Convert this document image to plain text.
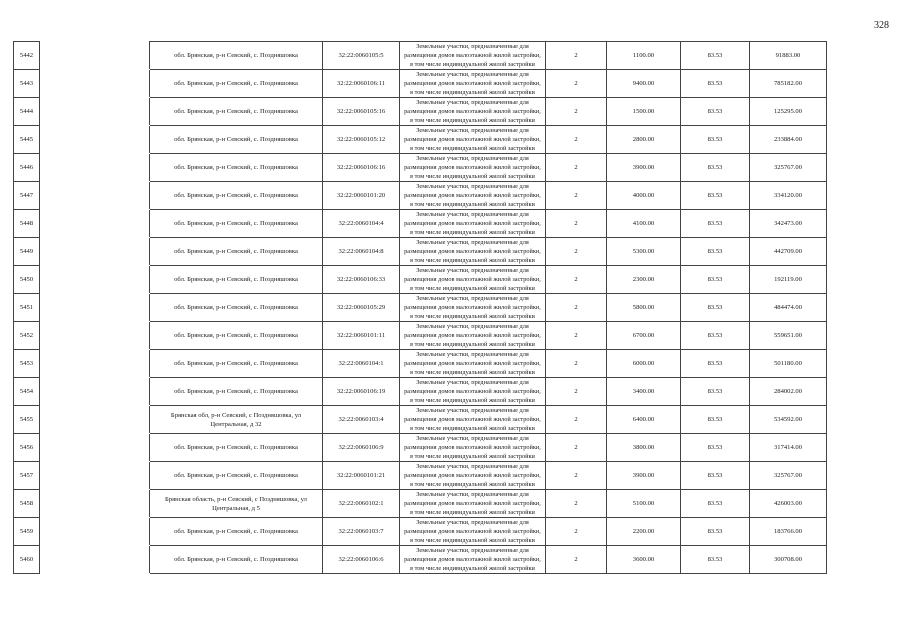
328
5442		обл. Брянская, р-н Севский, с. Поздняшовка	32:22:0060105:5	Земельные участки, предназначенные для размещения домов малоэтажной жилой застройки, в том числе индивидуальной жилой застройки	2	1100.00	83.53	91883.00	
5443		обл. Брянская, р-н Севский, с. Поздняшовка	32:22:0060106:11	Земельные участки, предназначенные для размещения домов малоэтажной жилой застройки, в том числе индивидуальной жилой застройки	2	9400.00	83.53	785182.00	
5444		обл. Брянская, р-н Севский, с. Поздняшовка	32:22:0060105:16	Земельные участки, предназначенные для размещения домов малоэтажной жилой застройки, в том числе индивидуальной жилой застройки	2	1500.00	83.53	125295.00	
5445		обл. Брянская, р-н Севский, с. Поздняшовка	32:22:0060105:12	Земельные участки, предназначенные для размещения домов малоэтажной жилой застройки, в том числе индивидуальной жилой застройки	2	2800.00	83.53	233884.00	
5446		обл. Брянская, р-н Севский, с. Поздняшовка	32:22:0060106:16	Земельные участки, предназначенные для размещения домов малоэтажной жилой застройки, в том числе индивидуальной жилой застройки	2	3900.00	83.53	325767.00	
5447		обл. Брянская, р-н Севский, с. Поздняшовка	32:22:0060101:20	Земельные участки, предназначенные для размещения домов малоэтажной жилой застройки, в том числе индивидуальной жилой застройки	2	4000.00	83.53	334120.00	
5448		обл. Брянская, р-н Севский, с. Поздняшовка	32:22:0060104:4	Земельные участки, предназначенные для размещения домов малоэтажной жилой застройки, в том числе индивидуальной жилой застройки	2	4100.00	83.53	342473.00	
5449		обл. Брянская, р-н Севский, с. Поздняшовка	32:22:0060104:8	Земельные участки, предназначенные для размещения домов малоэтажной жилой застройки, в том числе индивидуальной жилой застройки	2	5300.00	83.53	442709.00	
5450		обл. Брянская, р-н Севский, с. Поздняшовка	32:22:0060106:33	Земельные участки, предназначенные для размещения домов малоэтажной жилой застройки, в том числе индивидуальной жилой застройки	2	2300.00	83.53	192119.00	
5451		обл. Брянская, р-н Севский, с. Поздняшовка	32:22:0060105:29	Земельные участки, предназначенные для размещения домов малоэтажной жилой застройки, в том числе индивидуальной жилой застройки	2	5800.00	83.53	484474.00	
5452		обл. Брянская, р-н Севский, с. Поздняшовка	32:22:0060101:11	Земельные участки, предназначенные для размещения домов малоэтажной жилой застройки, в том числе индивидуальной жилой застройки	2	6700.00	83.53	559651.00	
5453		обл. Брянская, р-н Севский, с. Поздняшовка	32:22:0060104:1	Земельные участки, предназначенные для размещения домов малоэтажной жилой застройки, в том числе индивидуальной жилой застройки	2	6000.00	83.53	501180.00	
5454		обл. Брянская, р-н Севский, с. Поздняшовка	32:22:0060106:19	Земельные участки, предназначенные для размещения домов малоэтажной жилой застройки, в том числе индивидуальной жилой застройки	2	3400.00	83.53	284002.00	
5455		Брянская обл, р-н Севский, с Поздняшовка, ул Центральная, д 32	32:22:0060103:4	Земельные участки, предназначенные для размещения домов малоэтажной жилой застройки, в том числе индивидуальной жилой застройки	2	6400.00	83.53	534592.00	
5456		обл. Брянская, р-н Севский, с. Поздняшовка	32:22:0060106:9	Земельные участки, предназначенные для размещения домов малоэтажной жилой застройки, в том числе индивидуальной жилой застройки	2	3800.00	83.53	317414.00	
5457		обл. Брянская, р-н Севский, с. Поздняшовка	32:22:0060101:21	Земельные участки, предназначенные для размещения домов малоэтажной жилой застройки, в том числе индивидуальной жилой застройки	2	3900.00	83.53	325767.00	
5458		Брянская область, р-н Севский, с Поздняшовка, ул Центральная, д 5	32:22:0060102:1	Земельные участки, предназначенные для размещения домов малоэтажной жилой застройки, в том числе индивидуальной жилой застройки	2	5100.00	83.53	426003.00	
5459		обл. Брянская, р-н Севский, с. Поздняшовка	32:22:0060103:7	Земельные участки, предназначенные для размещения домов малоэтажной жилой застройки, в том числе индивидуальной жилой застройки	2	2200.00	83.53	183766.00	
5460		обл. Брянская, р-н Севский, с. Поздняшовка	32:22:0060106:6	Земельные участки, предназначенные для размещения домов малоэтажной жилой застройки, в том числе индивидуальной жилой застройки	2	3600.00	83.53	300708.00	
